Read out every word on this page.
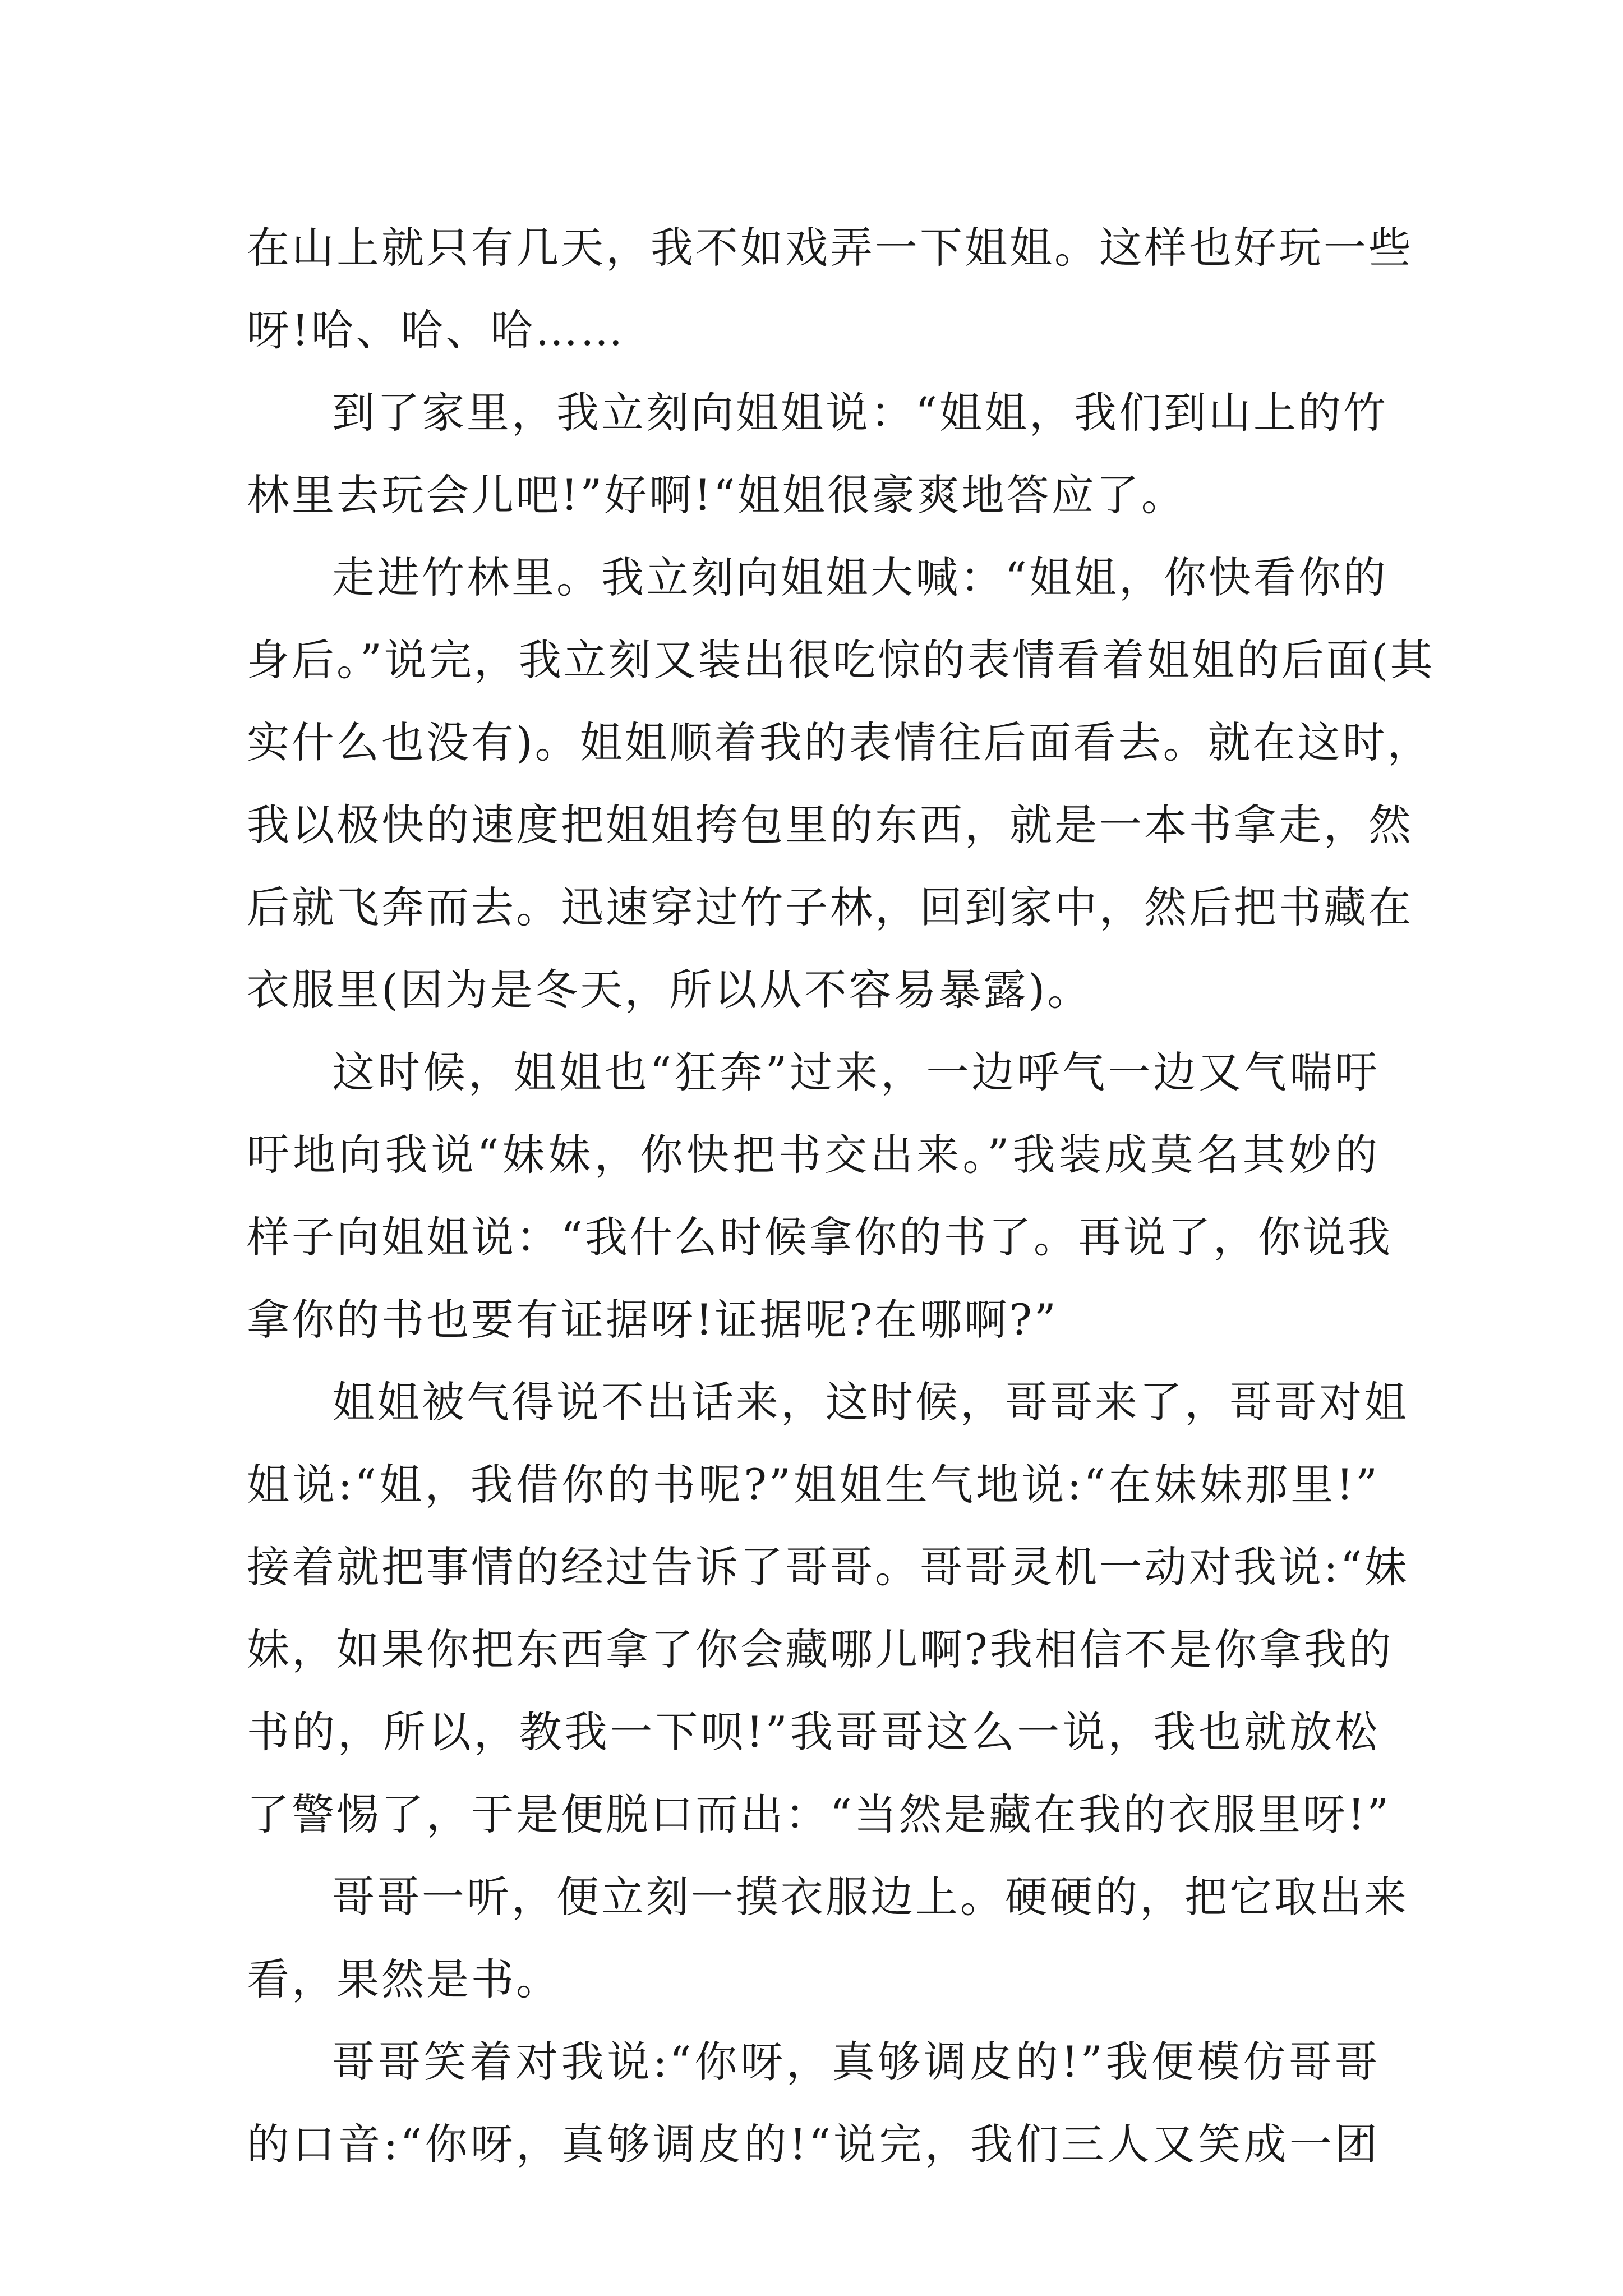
在山上就只有几天，我不如戏弄一下姐姐。这样也好玩一些
呀!哈、哈、哈……
到了家里，我立刻向姐姐说：“姐姐，我们到山上的竹
林里去玩会儿吧!”好啊!“姐姐很豪爽地答应了。
走进竹林里。我立刻向姐姐大喊：“姐姐，你快看你的
身后。”说完，我立刻又装出很吃惊的表情看着姐姐的后面(其
实什么也没有)。姐姐顺着我的表情往后面看去。就在这时，
我以极快的速度把姐姐挎包里的东西，就是一本书拿走，然
后就飞奔而去。迅速穿过竹子林，回到家中，然后把书藏在
衣服里(因为是冬天，所以从不容易暴露)。
这时候，姐姐也“狂奔”过来，一边呼气一边又气喘吁
吁地向我说“妹妹，你快把书交出来。”我装成莫名其妙的
样子向姐姐说：“我什么时候拿你的书了。再说了，你说我
拿你的书也要有证据呀!证据呢?在哪啊?”
姐姐被气得说不出话来，这时候，哥哥来了，哥哥对姐
姐说:“姐，我借你的书呢?”姐姐生气地说:“在妹妹那里!”
接着就把事情的经过告诉了哥哥。哥哥灵机一动对我说:“妹
妹，如果你把东西拿了你会藏哪儿啊?我相信不是你拿我的
书的，所以，教我一下呗!”我哥哥这么一说，我也就放松
了警惕了，于是便脱口而出：“当然是藏在我的衣服里呀!”
哥哥一听，便立刻一摸衣服边上。硬硬的，把它取出来
看，果然是书。
哥哥笑着对我说:“你呀，真够调皮的!”我便模仿哥哥
的口音:“你呀，真够调皮的!“说完，我们三人又笑成一团
